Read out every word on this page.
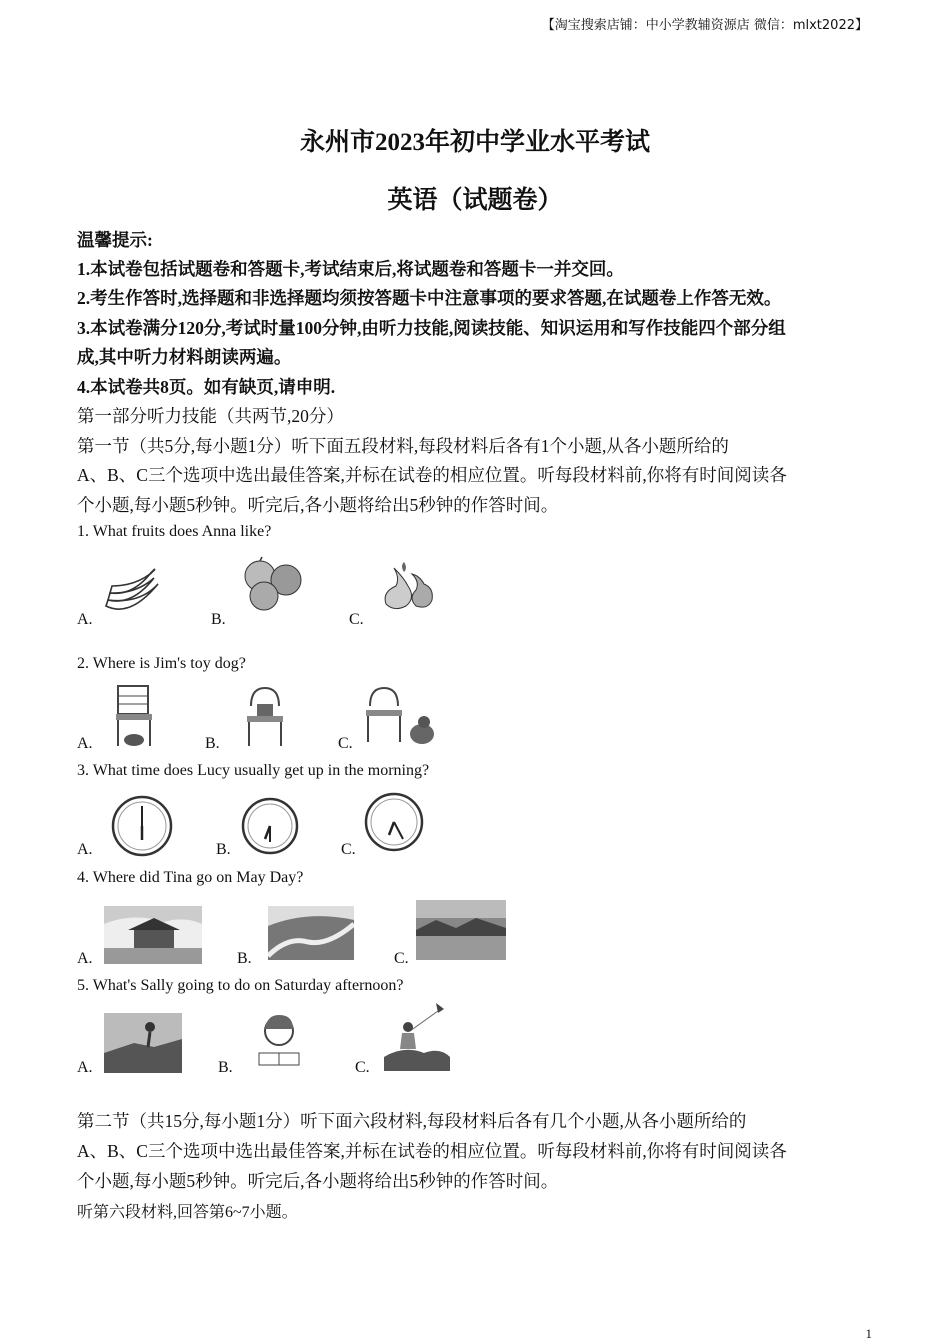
【淘宝搜索店铺：中小学教辅资源店 微信：mlxt2022】
永州市2023年初中学业水平考试
英语（试题卷）
温馨提示:
1.本试卷包括试题卷和答题卡,考试结束后,将试题卷和答题卡一并交回。
2.考生作答时,选择题和非选择题均须按答题卡中注意事项的要求答题,在试题卷上作答无效。
3.本试卷满分120分,考试时量100分钟,由听力技能,阅读技能、知识运用和写作技能四个部分组
成,其中听力材料朗读两遍。
4.本试卷共8页。如有缺页,请申明.
第一部分听力技能（共两节,20分）
第一节（共5分,每小题1分）听下面五段材料,每段材料后各有1个小题,从各小题所给的
A、B、C三个选项中选出最佳答案,并标在试卷的相应位置。听每段材料前,你将有时间阅读各
个小题,每小题5秒钟。听完后,各小题将给出5秒钟的作答时间。
1. What fruits does Anna like?
A.	B.	C.
2. Where is Jim's toy dog?
A.	B.	C.
3. What time does Lucy usually get up in the morning?
A.	B.	C.
4. Where did Tina go on May Day?
A.	B.	C.
5. What's Sally going to do on Saturday afternoon?
A.	B.	C.
第二节（共15分,每小题1分）听下面六段材料,每段材料后各有几个小题,从各小题所给的
A、B、C三个选项中选出最佳答案,并标在试卷的相应位置。听每段材料前,你将有时间阅读各
个小题,每小题5秒钟。听完后,各小题将给出5秒钟的作答时间。
听第六段材料,回答第6~7小题。
1
